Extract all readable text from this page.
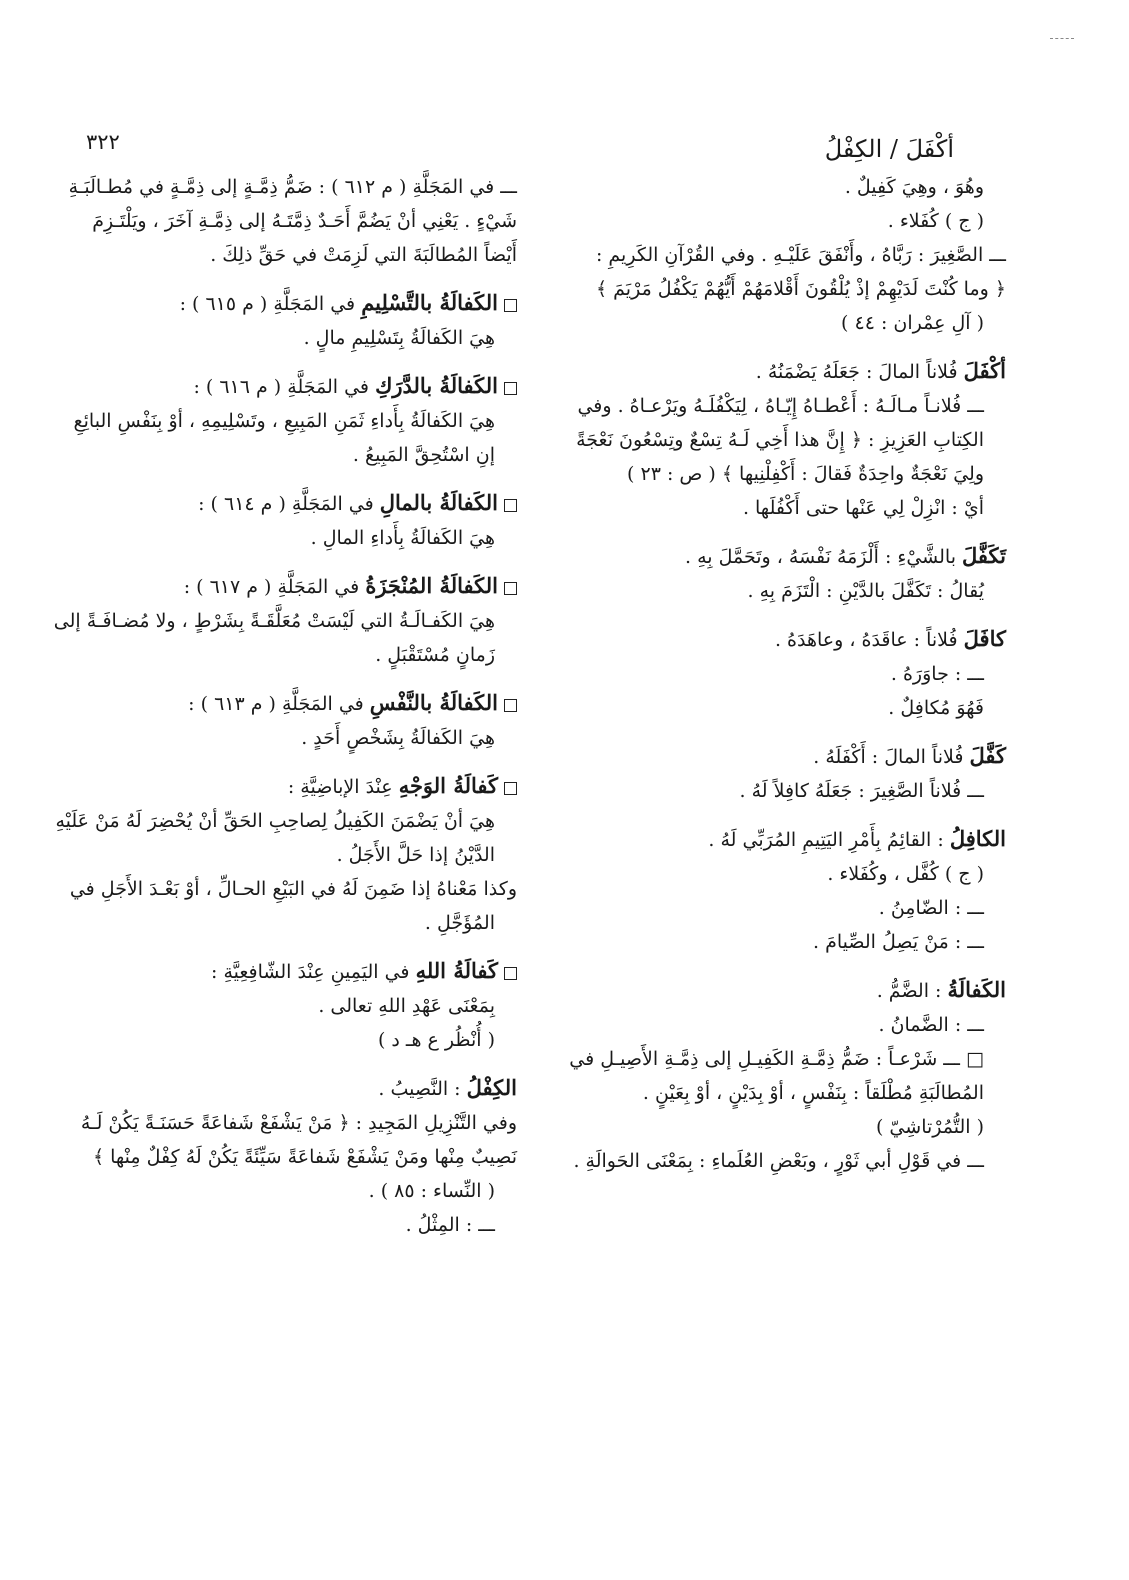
٣٢٢	أكْفَلَ / الكِفْلُ
وهُوَ ، وهِيَ كَفِيلٌ .
( ج ) كُفَلاء .
ـــ الصَّغِيرَ : رَبَّاهُ ، وأَنْفَقَ عَلَيْـهِ . وفي القُرْآنِ الكَرِيمِ :
﴿ وما كُنْتَ لَدَيْهِمْ إذْ يُلْقُونَ أَقْلامَهُمْ أَيُّهُمْ يَكْفُلُ مَرْيَمَ ﴾
( آلِ عِمْران : ٤٤ )
أكْفَلَ فُلاناً المالَ : جَعَلَهُ يَضْمَنُهُ .
ـــ فُلانـاً مـالَـهُ : أَعْطـاهُ إِيّـاهُ ، لِيَكْفُلَـهُ ويَرْعـاهُ . وفي
الكِتابِ العَزِيزِ : ﴿ إِنَّ هذا أَخِي لَـهُ تِسْعٌ وتِسْعُونَ نَعْجَةً
ولِيَ نَعْجَةٌ واحِدَةٌ فَقالَ : أَكْفِلْنِيها ﴾ ( ص : ٢٣ )
أيْ : انْزِلْ لِي عَنْها حتى أَكْفُلَها .
تَكَفَّلَ بالشَّيْءِ : أَلْزَمَهُ نَفْسَهُ ، وتَحَمَّلَ بِهِ .
يُقالُ : تَكَفَّلَ بالدَّيْنِ : الْتَزَمَ بِهِ .
كافَلَ فُلاناً : عاقَدَهُ ، وعاهَدَهُ .
ـــ : جاوَرَهُ .
فَهُوَ مُكافِلٌ .
كَفَّلَ فُلاناً المالَ : أَكْفَلَهُ .
ـــ فُلاناً الصَّغِيرَ : جَعَلَهُ كافِلاً لَهُ .
الكافِلُ : القائِمُ بِأَمْرِ اليَتِيمِ المُرَبِّي لَهُ .
( ج ) كُفَّل ، وكُفَلاء .
ـــ : الضّامِنُ .
ـــ : مَنْ يَصِلُ الصِّيامَ .
الكَفالَةُ : الضَّمُّ .
ـــ : الضَّمانُ .
□ ـــ شَرْعـاً : ضَمُّ ذِمَّـةِ الكَفِيـلِ إلى ذِمَّـةِ الأَصِيـلِ في
المُطالَبَةِ مُطْلَقاً : بِنَفْسٍ ، أوْ بِدَيْنٍ ، أوْ بِعَيْنٍ .
( التُّمُرْتاشِيّ )
ـــ في قَوْلِ أبي ثَوْرٍ ، وبَعْضِ العُلَماءِ : بِمَعْنَى الحَوالَةِ .
ـــ في المَجَلَّةِ ( م ٦١٢ ) : ضَمُّ ذِمَّـةٍ إلى ذِمَّـةٍ في مُطـالَبَـةِ
شَيْءٍ . يَعْنِي أنْ يَضُمَّ أَحَـدٌ ذِمَّتَـهُ إلى ذِمَّـةِ آخَرَ ، ويَلْتَـزِمَ
أَيْضاً المُطالَبَةَ التي لَزِمَتْ في حَقِّ ذلِكَ .
الكَفالَةُ بالتَّسْلِيمِ في المَجَلَّةِ ( م ٦١٥ ) :
هِيَ الكَفالَةُ بِتَسْلِيمِ مالٍ .
الكَفالَةُ بالدَّرَكِ في المَجَلَّةِ ( م ٦١٦ ) :
هِيَ الكَفالَةُ بِأَداءِ ثَمَنِ المَبِيعِ ، وتَسْلِيمِهِ ، أوْ بِنَفْسِ البائِعِ
إنِ اسْتُحِقَّ المَبِيعُ .
الكَفالَةُ بالمالِ في المَجَلَّةِ ( م ٦١٤ ) :
هِيَ الكَفالَةُ بِأَداءِ المالِ .
الكَفالَةُ المُنْجَزَةُ في المَجَلَّةِ ( م ٦١٧ ) :
هِيَ الكَفـالَـةُ التي لَيْسَتْ مُعَلَّقَـةً بِشَرْطٍ ، ولا مُضـافَـةً إلى
زَمانٍ مُسْتَقْبَلٍ .
الكَفالَةُ بالنَّفْسِ في المَجَلَّةِ ( م ٦١٣ ) :
هِيَ الكَفالَةُ بِشَخْصٍ أَحَدٍ .
كَفالَةُ الوَجْهِ عِنْدَ الإباضِيَّةِ :
هِيَ أنْ يَضْمَنَ الكَفِيلُ لِصاحِبِ الحَقِّ أنْ يُحْضِرَ لَهُ مَنْ عَلَيْهِ
الدَّيْنُ إذا حَلَّ الأَجَلُ .
وكذا مَعْناهُ إذا ضَمِنَ لَهُ في البَيْعِ الحـالِّ ، أوْ بَعْـدَ الأَجَلِ في
المُؤَجَّلِ .
كَفالَةُ اللهِ في اليَمِينِ عِنْدَ الشّافِعِيَّةِ :
بِمَعْنَى عَهْدِ اللهِ تعالى .
( أُنْظُر ع هـ د )
الكِفْلُ : النَّصِيبُ .
وفي التَّنْزِيلِ المَجِيدِ : ﴿ مَنْ يَشْفَعْ شَفاعَةً حَسَنَـةً يَكُنْ لَـهُ
نَصِيبٌ مِنْها ومَنْ يَشْفَعْ شَفاعَةً سَيِّئَةً يَكُنْ لَهُ كِفْلٌ مِنْها ﴾
( النِّساء : ٨٥ ) .
ـــ : المِثْلُ .
